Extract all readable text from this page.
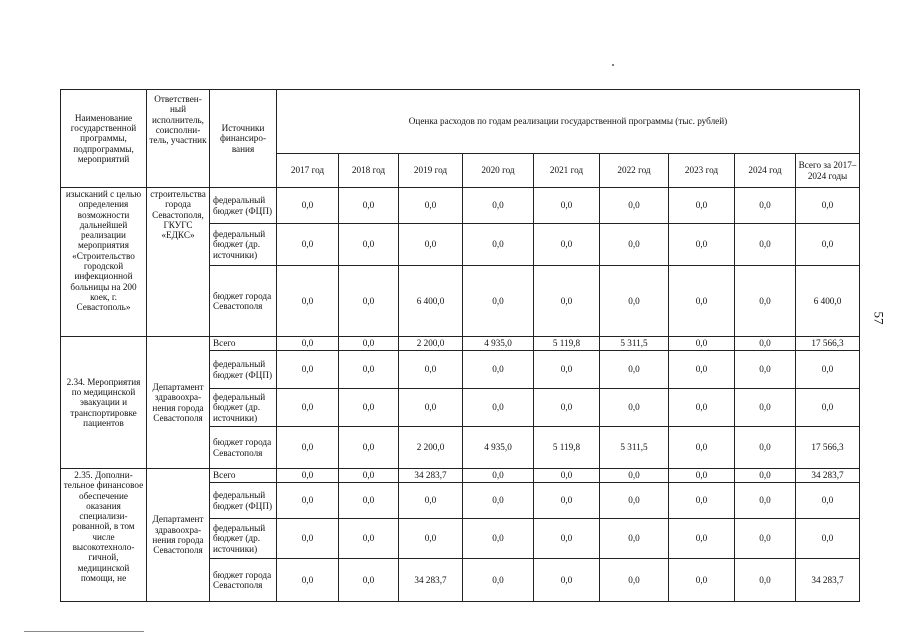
Наименование государственной программы, подпрограммы, мероприятий	Ответствен-ный исполнитель, соисполни-тель, участник	Источники финансиро-вания	Оценка расходов по годам реализации государственной программы (тыс. рублей)								
			2017 год	2018 год	2019 год	2020 год	2021 год	2022 год	2023 год	2024 год	Всего за 2017–2024 годы
изысканий с целью определения возможности дальнейшей реализации мероприятия «Строительство городской инфекционной больницы на 200 коек, г. Севастополь»	строительства города Севастополя, ГКУГС «ЕДКС»	федеральный бюджет (ФЦП)	0,0	0,0	0,0	0,0	0,0	0,0	0,0	0,0	0,0
		федеральный бюджет (др. источники)	0,0	0,0	0,0	0,0	0,0	0,0	0,0	0,0	0,0
		бюджет города Севастополя	0,0	0,0	6 400,0	0,0	0,0	0,0	0,0	0,0	6 400,0
2.34. Мероприятия по медицинской эвакуации и транспортировке пациентов	Департамент здравоохра-нения города Севастополя	Всего	0,0	0,0	2 200,0	4 935,0	5 119,8	5 311,5	0,0	0,0	17 566,3
		федеральный бюджет (ФЦП)	0,0	0,0	0,0	0,0	0,0	0,0	0,0	0,0	0,0
		федеральный бюджет (др. источники)	0,0	0,0	0,0	0,0	0,0	0,0	0,0	0,0	0,0
		бюджет города Севастополя	0,0	0,0	2 200,0	4 935,0	5 119,8	5 311,5	0,0	0,0	17 566,3
2.35. Дополни-тельное финансовое обеспечение оказания специализи-рованной, в том числе высокотехноло-гичной, медицинской помощи, не	Департамент здравоохра-нения города Севастополя	Всего	0,0	0,0	34 283,7	0,0	0,0	0,0	0,0	0,0	34 283,7
		федеральный бюджет (ФЦП)	0,0	0,0	0,0	0,0	0,0	0,0	0,0	0,0	0,0
		федеральный бюджет (др. источники)	0,0	0,0	0,0	0,0	0,0	0,0	0,0	0,0	0,0
		бюджет города Севастополя	0,0	0,0	34 283,7	0,0	0,0	0,0	0,0	0,0	34 283,7
57
